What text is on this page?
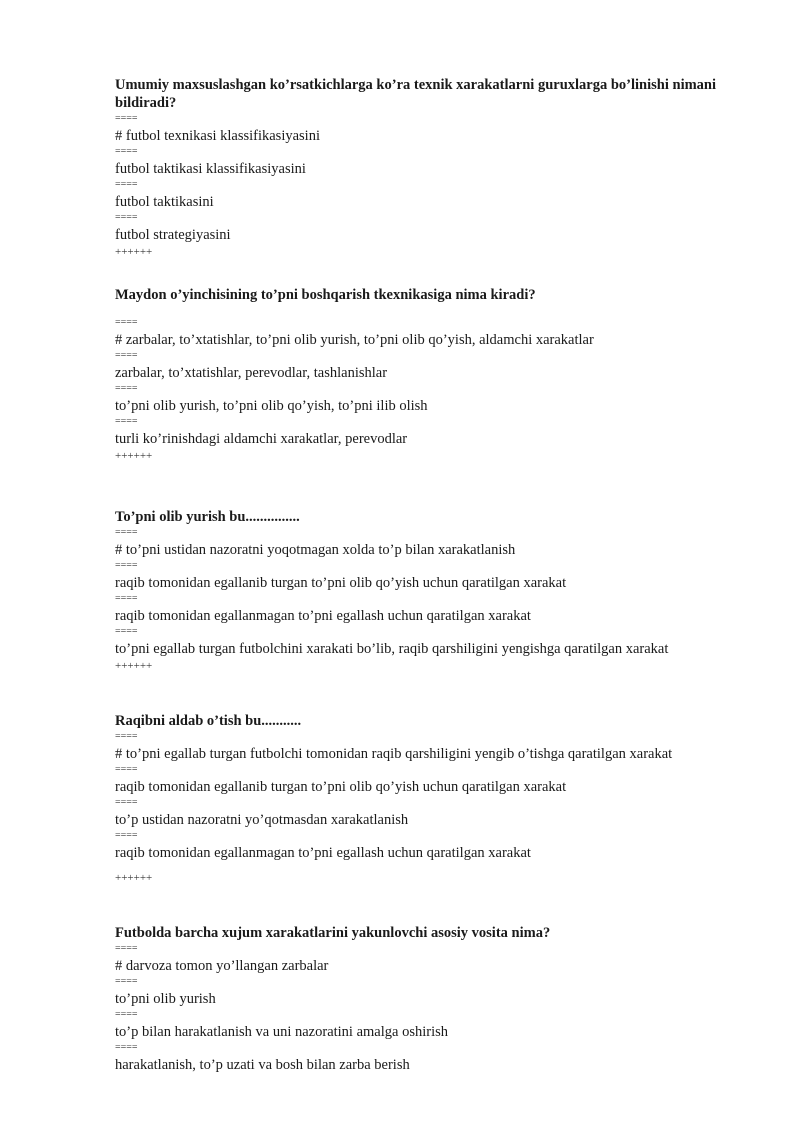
Umumiy maxsuslashgan ko’rsatkichlarga ko’ra texnik xarakatlarni guruxlarga bo’linishi nimani bildiradi?

====
# futbol texnikasi klassifikasiyasini
====
futbol taktikasi klassifikasiyasini
====
futbol taktikasini
====
futbol strategiyasini
++++++

Maydon o’yinchisining to’pni boshqarish tkexnikasiga nima kiradi?

====
# zarbalar, to’xtatishlar, to’pni olib yurish, to’pni olib qo’yish, aldamchi xarakatlar
====
zarbalar, to’xtatishlar, perevodlar, tashlanishlar
====
to’pni olib yurish, to’pni olib qo’yish, to’pni ilib olish
====
turli ko’rinishdagi aldamchi xarakatlar, perevodlar
++++++

To’pni olib yurish bu...............

====
# to’pni ustidan nazoratni yoqotmagan xolda to’p bilan xarakatlanish
====
raqib tomonidan egallanib turgan to’pni olib qo’yish uchun qaratilgan xarakat
====
raqib tomonidan egallanmagan to’pni egallash uchun qaratilgan xarakat
====
to’pni egallab turgan futbolchini xarakati bo’lib, raqib qarshiligini yengishga qaratilgan xarakat
++++++

Raqibni aldab o’tish bu...........

====
# to’pni egallab turgan futbolchi tomonidan raqib qarshiligini yengib o’tishga qaratilgan xarakat
====
raqib tomonidan egallanib turgan to’pni olib qo’yish uchun qaratilgan xarakat
====
to’p ustidan nazoratni yo’qotmasdan xarakatlanish
====
raqib tomonidan egallanmagan to’pni egallash uchun qaratilgan xarakat
++++++

Futbolda barcha xujum xarakatlarini yakunlovchi asosiy vosita nima?

====
# darvoza tomon yo’llangan zarbalar
====
to’pni olib yurish
====
to’p bilan harakatlanish va uni nazoratini amalga oshirish
====
harakatlanish, to’p uzati va bosh bilan zarba berish
